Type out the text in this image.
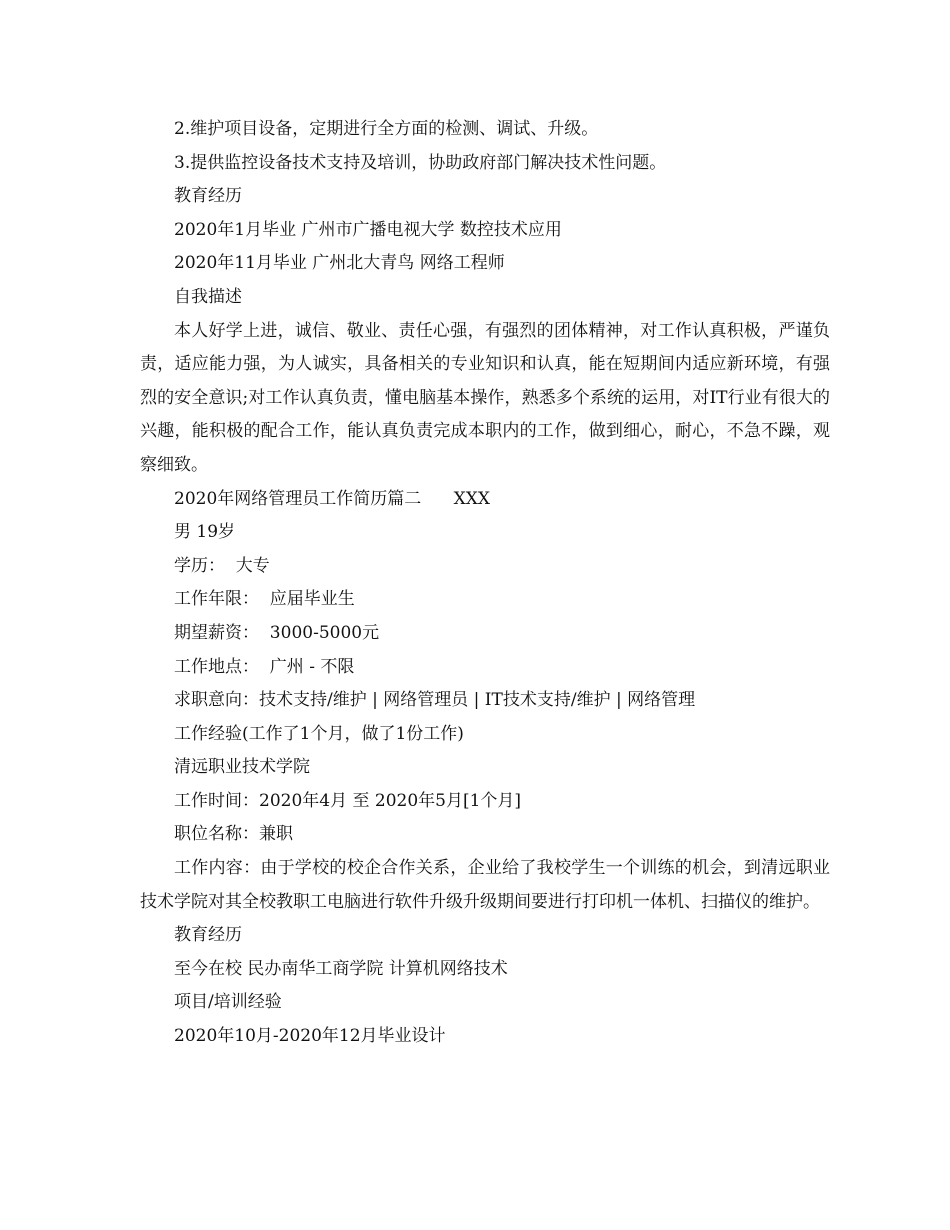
2.维护项目设备，定期进行全方面的检测、调试、升级。

3.提供监控设备技术支持及培训，协助政府部门解决技术性问题。

教育经历

2020年1月毕业 广州市广播电视大学 数控技术应用

2020年11月毕业 广州北大青鸟 网络工程师

自我描述

本人好学上进，诚信、敬业、责任心强，有强烈的团体精神，对工作认真积极，严谨负责，适应能力强，为人诚实，具备相关的专业知识和认真，能在短期间内适应新环境，有强烈的安全意识;对工作认真负责，懂电脑基本操作，熟悉多个系统的运用，对IT行业有很大的兴趣，能积极的配合工作，能认真负责完成本职内的工作，做到细心，耐心，不急不躁，观察细致。

2020年网络管理员工作简历篇二      XXX

男 19岁

学历：  大专

工作年限：  应届毕业生

期望薪资：  3000-5000元

工作地点：  广州 - 不限

求职意向：技术支持/维护 | 网络管理员 | IT技术支持/维护 | 网络管理

工作经验(工作了1个月，做了1份工作)

清远职业技术学院

工作时间：2020年4月 至 2020年5月[1个月]

职位名称：兼职

工作内容：由于学校的校企合作关系，企业给了我校学生一个训练的机会，到清远职业技术学院对其全校教职工电脑进行软件升级升级期间要进行打印机一体机、扫描仪的维护。

教育经历

至今在校 民办南华工商学院 计算机网络技术

项目/培训经验

2020年10月-2020年12月毕业设计
